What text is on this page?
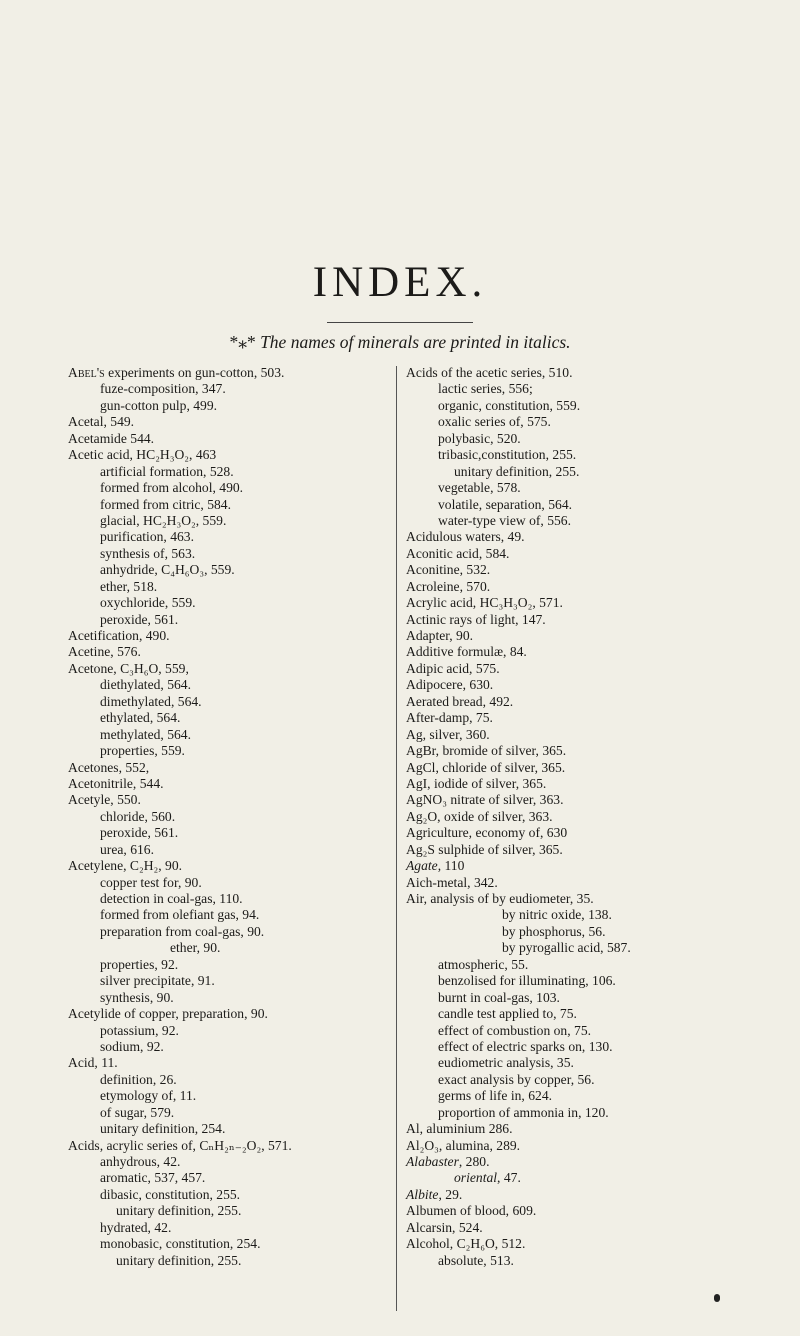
INDEX.
*⁎* The names of minerals are printed in italics.
Abel's experiments on gun-cotton, 503.
fuze-composition, 347.
gun-cotton pulp, 499.
Acetal, 549.
Acetamide 544.
Acetic acid, HC₂H₃O₂, 463
artificial formation, 528.
formed from alcohol, 490.
formed from citric, 584.
glacial, HC₂H₃O₂, 559.
purification, 463.
synthesis of, 563.
anhydride, C₄H₆O₃, 559.
ether, 518.
oxychloride, 559.
peroxide, 561.
Acetification, 490.
Acetine, 576.
Acetone, C₃H₆O, 559,
diethylated, 564.
dimethylated, 564.
ethylated, 564.
methylated, 564.
properties, 559.
Acetones, 552,
Acetonitrile, 544.
Acetyle, 550.
chloride, 560.
peroxide, 561.
urea, 616.
Acetylene, C₂H₂, 90.
copper test for, 90.
detection in coal-gas, 110.
formed from olefiant gas, 94.
preparation from coal-gas, 90.
ether, 90.
properties, 92.
silver precipitate, 91.
synthesis, 90.
Acetylide of copper, preparation, 90.
potassium, 92.
sodium, 92.
Acid, 11.
definition, 26.
etymology of, 11.
of sugar, 579.
unitary definition, 254.
Acids, acrylic series of, CₙH₂ₙ₋₂O₂, 571.
anhydrous, 42.
aromatic, 537, 457.
dibasic, constitution, 255.
unitary definition, 255.
hydrated, 42.
monobasic, constitution, 254.
unitary definition, 255.
Acids of the acetic series, 510.
lactic series, 556;
organic, constitution, 559.
oxalic series of, 575.
polybasic, 520.
tribasic,constitution, 255.
unitary definition, 255.
vegetable, 578.
volatile, separation, 564.
water-type view of, 556.
Acidulous waters, 49.
Aconitic acid, 584.
Aconitine, 532.
Acroleine, 570.
Acrylic acid, HC₃H₃O₂, 571.
Actinic rays of light, 147.
Adapter, 90.
Additive formulæ, 84.
Adipic acid, 575.
Adipocere, 630.
Aerated bread, 492.
After-damp, 75.
Ag, silver, 360.
AgBr, bromide of silver, 365.
AgCl, chloride of silver, 365.
AgI, iodide of silver, 365.
AgNO₃ nitrate of silver, 363.
Ag₂O, oxide of silver, 363.
Agriculture, economy of, 630
Ag₂S sulphide of silver, 365.
Agate, 110
Aich-metal, 342.
Air, analysis of by eudiometer, 35.
by nitric oxide, 138.
by phosphorus, 56.
by pyrogallic acid, 587.
atmospheric, 55.
benzolised for illuminating, 106.
burnt in coal-gas, 103.
candle test applied to, 75.
effect of combustion on, 75.
effect of electric sparks on, 130.
eudiometric analysis, 35.
exact analysis by copper, 56.
germs of life in, 624.
proportion of ammonia in, 120.
Al, aluminium 286.
Al₂O₃, alumina, 289.
Alabaster, 280.
oriental, 47.
Albite, 29.
Albumen of blood, 609.
Alcarsin, 524.
Alcohol, C₂H₆O, 512.
absolute, 513.
